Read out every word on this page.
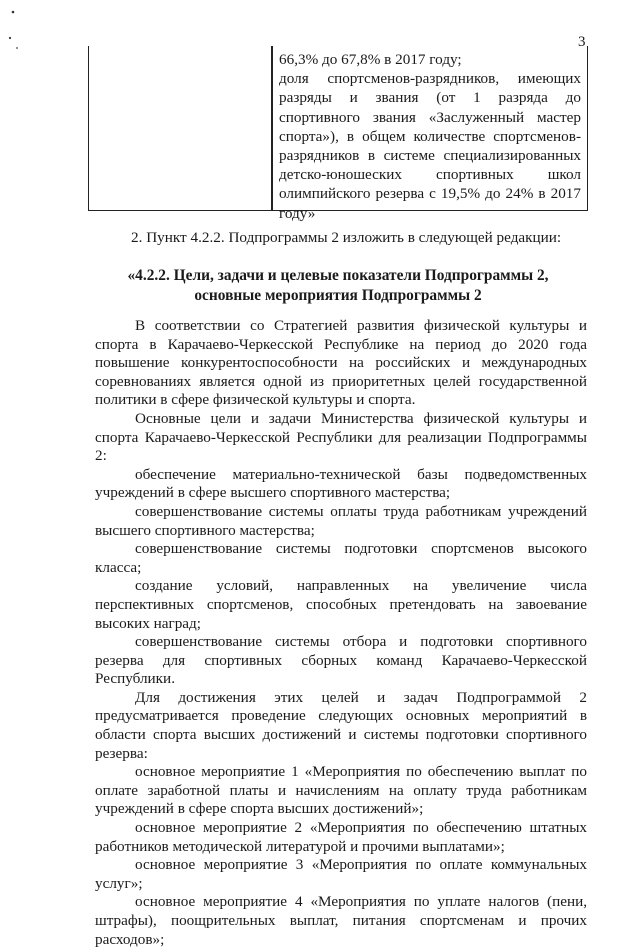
3
66,3% до 67,8% в 2017 году;
доля спортсменов-разрядников, имеющих разряды и звания (от 1 разряда до спортивного звания «Заслуженный мастер спорта»), в общем количестве спортсменов-разрядников в системе специализированных детско-юношеских спортивных школ олимпийского резерва с 19,5% до 24% в 2017 году»
2. Пункт 4.2.2. Подпрограммы 2 изложить в следующей редакции:
«4.2.2. Цели, задачи и целевые показатели Подпрограммы 2,
основные мероприятия Подпрограммы 2

В соответствии со Стратегией развития физической культуры и спорта в Карачаево-Черкесской Республике на период до 2020 года повышение конкурентоспособности на российских и международных соревнованиях является одной из приоритетных целей государственной политики в сфере физической культуры и спорта.

Основные цели и задачи Министерства физической культуры и спорта Карачаево-Черкесской Республики для реализации Подпрограммы 2:

обеспечение материально-технической базы подведомственных учреждений в сфере высшего спортивного мастерства;

совершенствование системы оплаты труда работникам учреждений высшего спортивного мастерства;

совершенствование системы подготовки спортсменов высокого класса;

создание условий, направленных на увеличение числа перспективных спортсменов, способных претендовать на завоевание высоких наград;

совершенствование системы отбора и подготовки спортивного резерва для спортивных сборных команд Карачаево-Черкесской Республики.

Для достижения этих целей и задач Подпрограммой 2 предусматривается проведение следующих основных мероприятий в области спорта высших достижений и системы подготовки спортивного резерва:

основное мероприятие 1 «Мероприятия по обеспечению выплат по оплате заработной платы и начислениям на оплату труда работникам учреждений в сфере спорта высших достижений»;

основное мероприятие 2 «Мероприятия по обеспечению штатных работников методической литературой и прочими выплатами»;

основное мероприятие 3 «Мероприятия по оплате коммунальных услуг»;

основное мероприятие 4 «Мероприятия по уплате налогов (пени, штрафы), поощрительных выплат, питания спортсменам и прочих расходов»;
